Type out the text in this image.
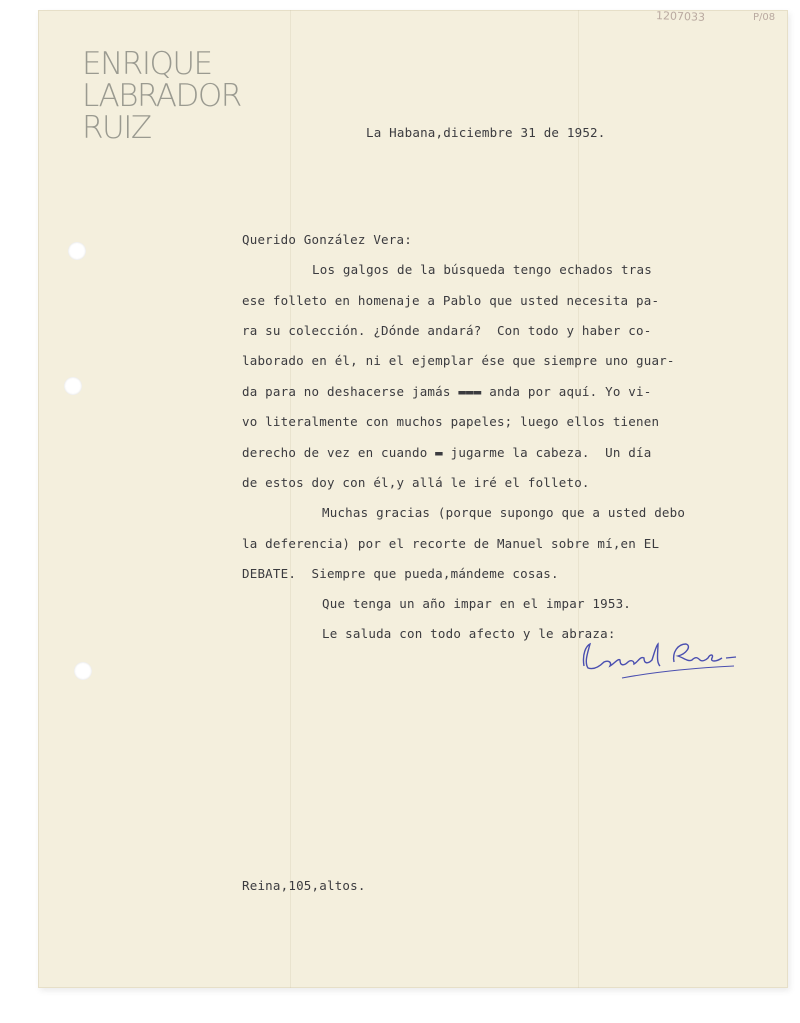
1207033	P/08
ENRIQUE
LABRADOR
RUIZ	La Habana,diciembre 31 de 1952.
Querido González Vera:
Los galgos de la búsqueda tengo echados tras
ese folleto en homenaje a Pablo que usted necesita pa-
ra su colección. ¿Dónde andará?  Con todo y haber co-
laborado en él, ni el ejemplar ése que siempre uno guar-
da para no deshacerse jamás ▬▬▬ anda por aquí. Yo vi-
vo literalmente con muchos papeles; luego ellos tienen
derecho de vez en cuando ▬ jugarme la cabeza.  Un día
de estos doy con él,y allá le iré el folleto.
Muchas gracias (porque supongo que a usted debo
la deferencia) por el recorte de Manuel sobre mí,en EL
DEBATE.  Siempre que pueda,mándeme cosas.
Que tenga un año impar en el impar 1953.
Le saluda con todo afecto y le abraza:
Reina,105,altos.
